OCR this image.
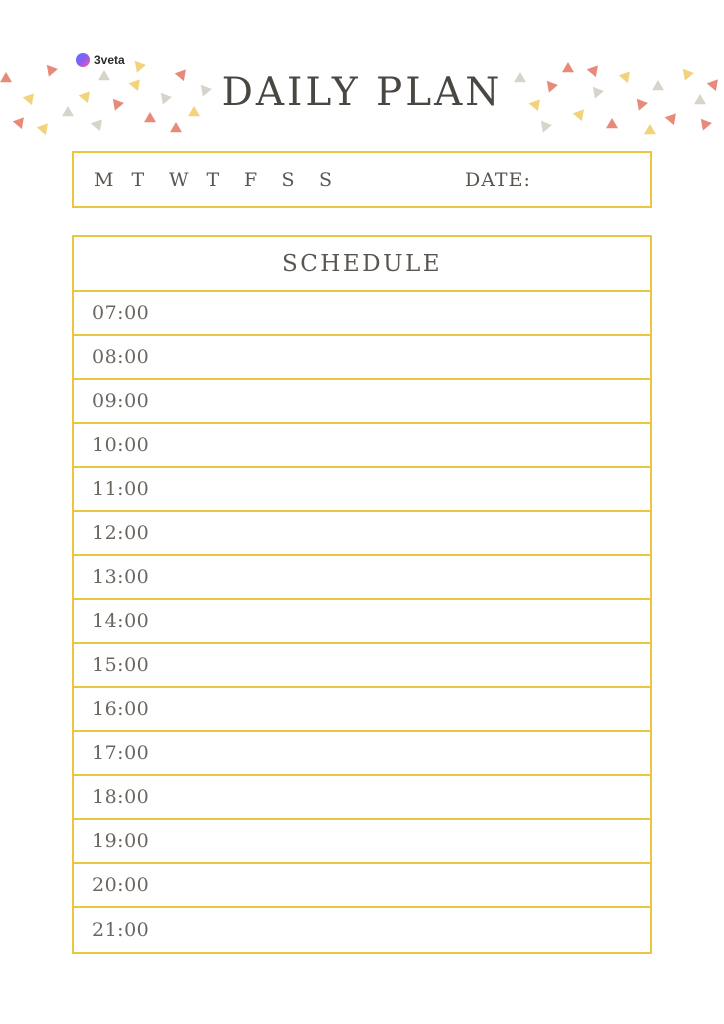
3veta
DAILY PLAN
M T	W T	F	S	S	DATE:
SCHEDULE
07:00
08:00
09:00
10:00
11:00
12:00
13:00
14:00
15:00
16:00
17:00
18:00
19:00
20:00
21:00
